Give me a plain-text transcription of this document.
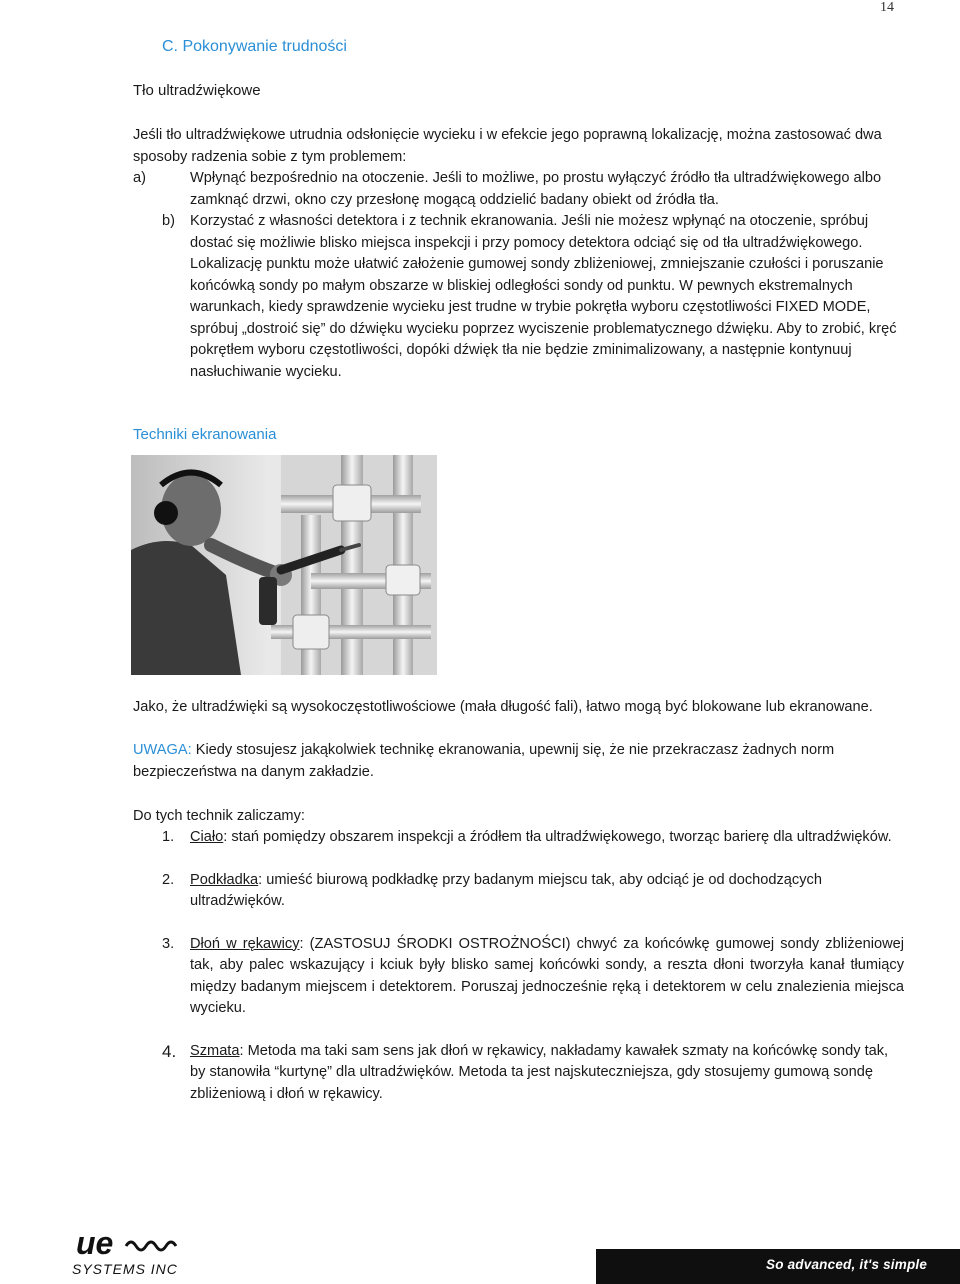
14
C. Pokonywanie trudności
Tło ultradźwiękowe
Jeśli tło ultradźwiękowe utrudnia odsłonięcie wycieku i w efekcie jego poprawną lokalizację, można zastosować dwa sposoby radzenia sobie z tym problemem:
a)	Wpłynąć bezpośrednio na otoczenie. Jeśli to możliwe, po prostu wyłączyć źródło tła ultradźwiękowego albo zamknąć drzwi, okno czy przesłonę mogącą oddzielić badany obiekt od źródła tła.
b)	Korzystać z własności detektora i z technik ekranowania. Jeśli nie możesz wpłynąć na otoczenie, spróbuj dostać się możliwie blisko miejsca inspekcji i przy pomocy detektora odciąć się od tła ultradźwiękowego. Lokalizację punktu może ułatwić założenie gumowej sondy zbliżeniowej, zmniejszanie czułości i poruszanie końcówką sondy po małym obszarze w bliskiej odległości sondy od punktu. W pewnych ekstremalnych warunkach, kiedy sprawdzenie wycieku jest trudne w trybie pokrętła wyboru częstotliwości FIXED MODE, spróbuj „dostroić się” do dźwięku wycieku poprzez wyciszenie problematycznego dźwięku. Aby to zrobić, kręć pokrętłem wyboru częstotliwości, dopóki dźwięk tła nie będzie zminimalizowany, a następnie kontynuuj nasłuchiwanie wycieku.
Techniki ekranowania
Jako, że ultradźwięki są wysokoczęstotliwościowe (mała długość fali), łatwo mogą być blokowane lub ekranowane.
UWAGA: Kiedy stosujesz jakąkolwiek technikę ekranowania, upewnij się, że nie przekraczasz żadnych norm bezpieczeństwa na danym zakładzie.
Do tych technik zaliczamy:
1.	Ciało: stań pomiędzy obszarem inspekcji a źródłem tła ultradźwiękowego, tworząc barierę dla ultradźwięków.
2.	Podkładka: umieść biurową podkładkę przy badanym miejscu tak, aby odciąć je od dochodzących ultradźwięków.
3.	Dłoń w rękawicy: (ZASTOSUJ ŚRODKI OSTROŻNOŚCI) chwyć za końcówkę gumowej sondy zbliżeniowej tak, aby palec wskazujący i kciuk były blisko samej końcówki sondy, a reszta dłoni tworzyła kanał tłumiący między badanym miejscem i detektorem. Poruszaj jednocześnie ręką i detektorem w celu znalezienia miejsca wycieku.
4. Szmata: Metoda ma taki sam sens jak dłoń w rękawicy, nakładamy kawałek szmaty na końcówkę sondy tak, by stanowiła “kurtynę” dla ultradźwięków. Metoda ta jest najskuteczniejsza, gdy stosujemy gumową sondę zbliżeniową i dłoń w rękawicy.
ue
SYSTEMS INC	So advanced, it's simple
